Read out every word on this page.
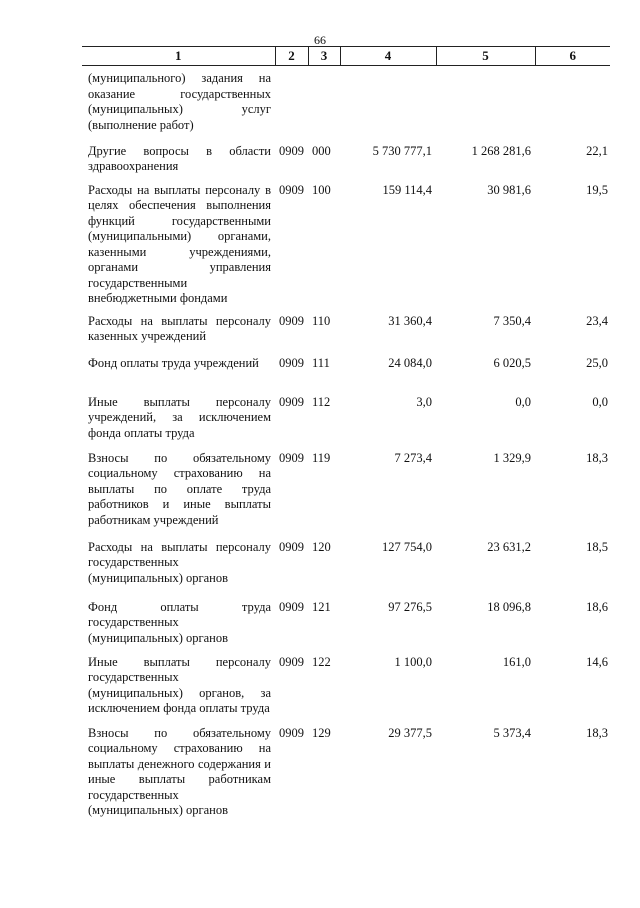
66
1	2	3	4	5	6
(муниципального) задания на оказание государственных (муниципальных) услуг (выполнение работ)					
Другие вопросы в области здравоохранения	0909	000	5 730 777,1	1 268 281,6	22,1
Расходы на выплаты персоналу в целях обеспечения выполнения функций государственными (муниципальными) органами, казенными учреждениями, органами управления государственными внебюджетными фондами	0909	100	159 114,4	30 981,6	19,5
Расходы на выплаты персоналу казенных учреждений	0909	110	31 360,4	7 350,4	23,4
Фонд оплаты труда учреждений	0909	111	24 084,0	6 020,5	25,0
Иные выплаты персоналу учреждений, за исключением фонда оплаты труда	0909	112	3,0	0,0	0,0
Взносы по обязательному социальному страхованию на выплаты по оплате труда работников и иные выплаты работникам учреждений	0909	119	7 273,4	1 329,9	18,3
Расходы на выплаты персоналу государственных (муниципальных) органов	0909	120	127 754,0	23 631,2	18,5
Фонд оплаты труда государственных (муниципальных) органов	0909	121	97 276,5	18 096,8	18,6
Иные выплаты персоналу государственных (муниципальных) органов, за исключением фонда оплаты труда	0909	122	1 100,0	161,0	14,6
Взносы по обязательному социальному страхованию на выплаты денежного содержания и иные выплаты работникам государственных (муниципальных) органов	0909	129	29 377,5	5 373,4	18,3
